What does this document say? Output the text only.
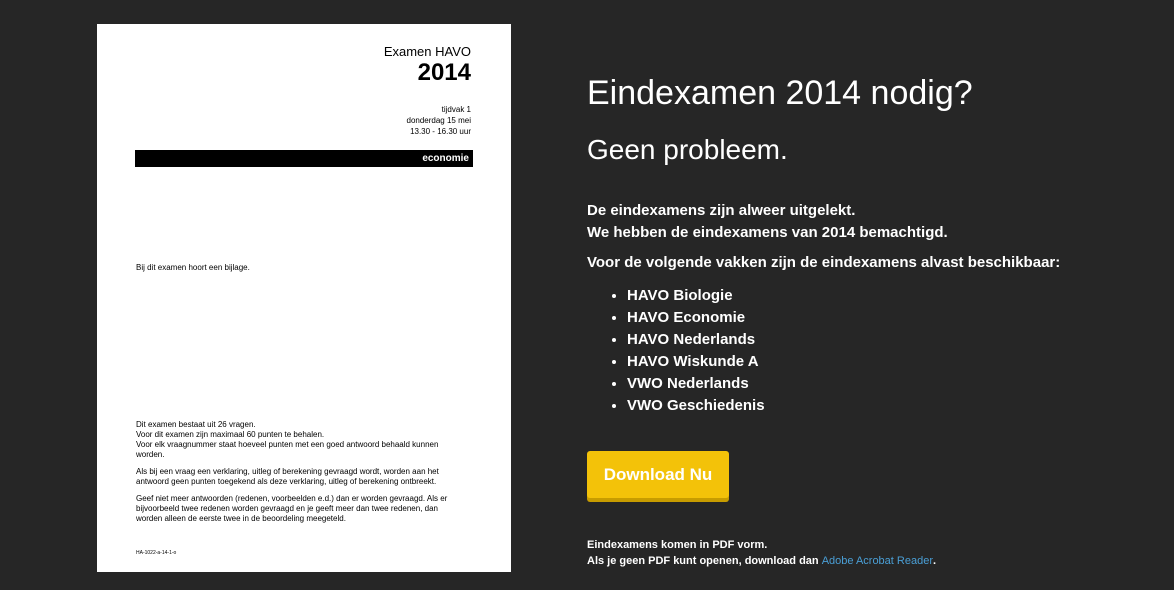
Examen HAVO
2014
tijdvak 1
donderdag 15 mei
13.30 - 16.30 uur
economie
Bij dit examen hoort een bijlage.

Dit examen bestaat uit 26 vragen.
Voor dit examen zijn maximaal 60 punten te behalen.
Voor elk vraagnummer staat hoeveel punten met een goed antwoord behaald kunnen worden.

Als bij een vraag een verklaring, uitleg of berekening gevraagd wordt, worden aan het antwoord geen punten toegekend als deze verklaring, uitleg of berekening ontbreekt.

Geef niet meer antwoorden (redenen, voorbeelden e.d.) dan er worden gevraagd. Als er bijvoorbeeld twee redenen worden gevraagd en je geeft meer dan twee redenen, dan worden alleen de eerste twee in de beoordeling meegeteld.

HA-1022-a-14-1-o
Eindexamen 2014 nodig?
Geen probleem.
De eindexamens zijn alweer uitgelekt.
We hebben de eindexamens van 2014 bemachtigd.
Voor de volgende vakken zijn de eindexamens alvast beschikbaar:
• HAVO Biologie
• HAVO Economie
• HAVO Nederlands
• HAVO Wiskunde A
• VWO Nederlands
• VWO Geschiedenis
Download Nu
Eindexamens komen in PDF vorm.
Als je geen PDF kunt openen, download dan Adobe Acrobat Reader.
